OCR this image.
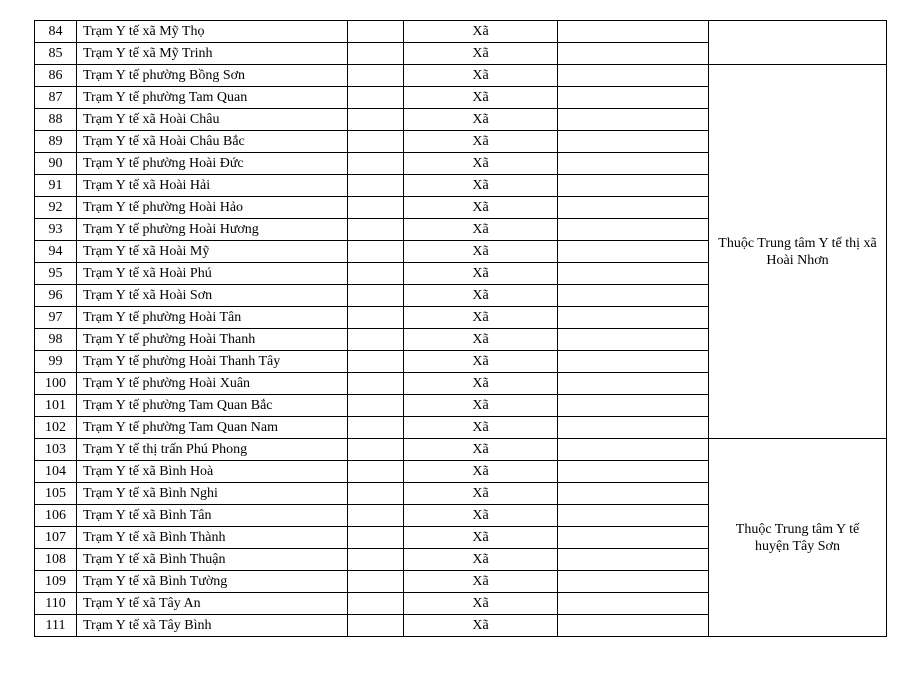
84	Trạm Y tế xã Mỹ Thọ		Xã		
85	Trạm Y tế xã Mỹ Trinh		Xã		
86	Trạm Y tế phường Bồng Sơn		Xã		Thuộc Trung tâm Y tế thị xã Hoài Nhơn
87	Trạm Y tế phường Tam Quan		Xã		
88	Trạm Y tế xã Hoài Châu		Xã		
89	Trạm Y tế xã Hoài Châu Bắc		Xã		
90	Trạm Y tế phường Hoài Đức		Xã		
91	Trạm Y tế xã Hoài Hải		Xã		
92	Trạm Y tế phường Hoài Hảo		Xã		
93	Trạm Y tế phường Hoài Hương		Xã		
94	Trạm Y tế xã Hoài Mỹ		Xã		
95	Trạm Y tế xã Hoài Phú		Xã		
96	Trạm Y tế xã Hoài Sơn		Xã		
97	Trạm Y tế phường Hoài Tân		Xã		
98	Trạm Y tế phường Hoài Thanh		Xã		
99	Trạm Y tế phường Hoài Thanh Tây		Xã		
100	Trạm Y tế phường Hoài Xuân		Xã		
101	Trạm Y tế phường Tam Quan Bắc		Xã		
102	Trạm Y tế phường Tam Quan Nam		Xã		
103	Trạm Y tế thị trấn Phú Phong		Xã		Thuộc Trung tâm Y tế huyện Tây Sơn
104	Trạm Y tế xã Bình Hoà		Xã		
105	Trạm Y tế xã Bình Nghi		Xã		
106	Trạm Y tế xã Bình Tân		Xã		
107	Trạm Y tế xã Bình Thành		Xã		
108	Trạm Y tế xã Bình Thuận		Xã		
109	Trạm Y tế xã Bình Tường		Xã		
110	Trạm Y tế xã Tây An		Xã		
111	Trạm Y tế xã Tây Bình		Xã		
